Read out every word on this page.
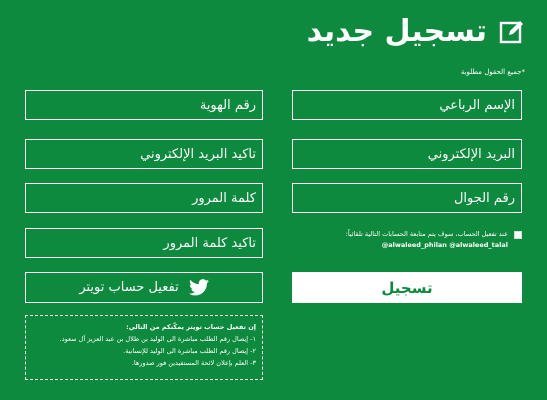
تسجيل جديد
*جميع الحقول مطلوبة
الإسم الرباعي
البريد الإلكتروني
رقم الجوال
رقم الهوية
تأكيد البريد الإلكتروني
عند تفعيل الحساب، سوف يتم متابعة الحسابات التالية تلقائياً:
@alwaleed_philan @alwaleed_talal
تسجيل
تفعيل حساب تويتر
إن تفعيل حساب تويتر يمكّنكم من التالي:
١- إيصال رقم الطلب مباشرة الى الوليد بن طلال بن عبد العزيز آل سعود.
٢- إيصال رقم الطلب مباشرة الى الوليد للإنسانية.
٣- العلم بإعلان لائحة المستفيدين فور صدورها.
